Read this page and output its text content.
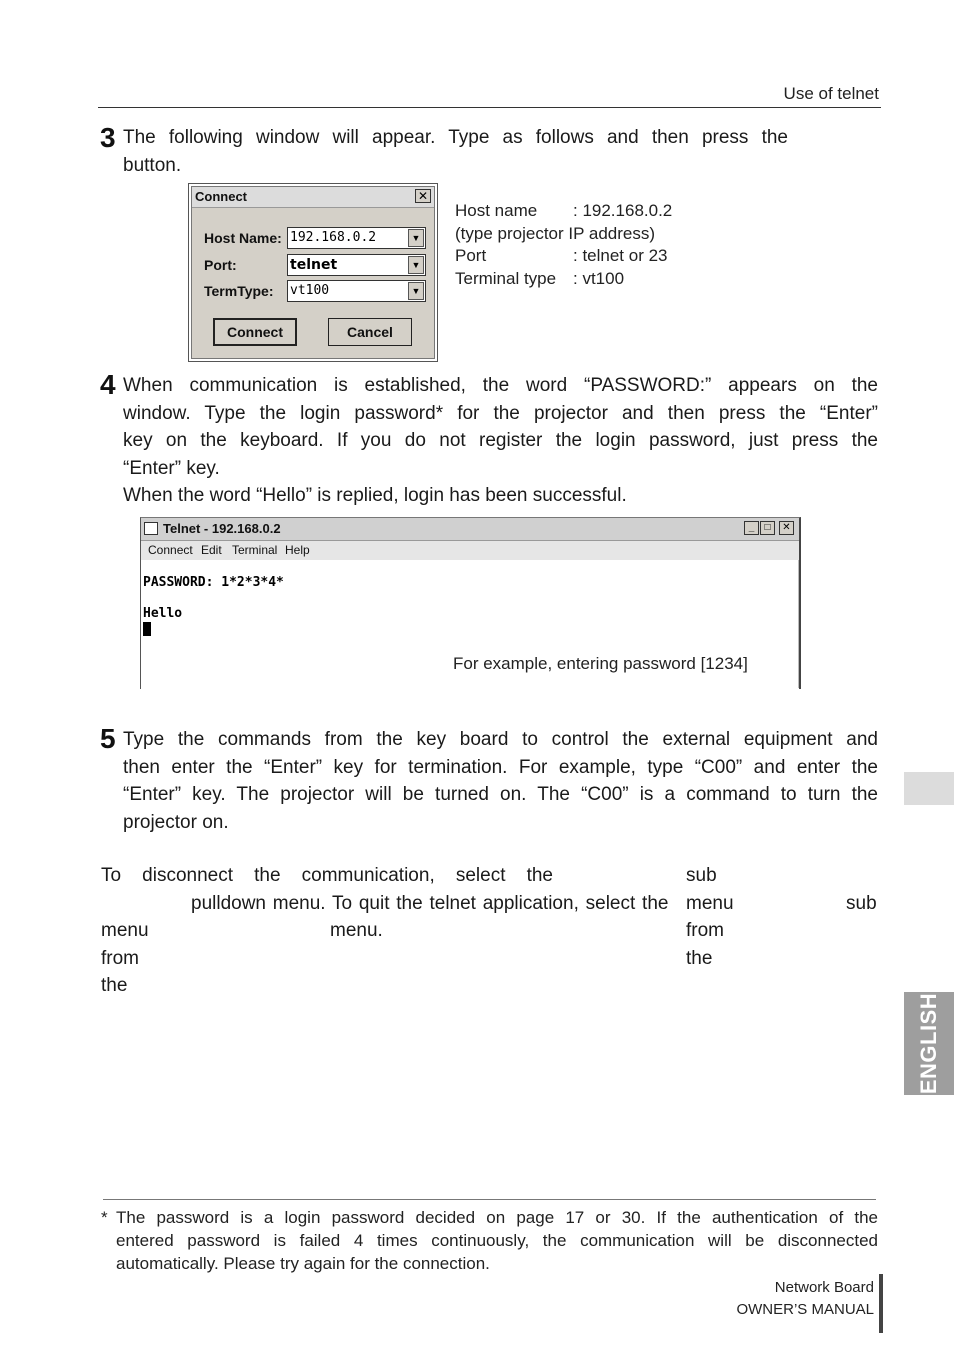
Use of telnet
3 The following window will appear. Type as follows and then press the

button.

Connect	✕
Host Name: 192.168.0.2	▼
Port:	telnet	▼
TermType: vt100	▼
Connect	Cancel
Host name : 192.168.0.2
(type projector IP address)
Port	: telnet or 23
Terminal type : vt100
4 When communication is established, the word “PASSWORD:” appears on the

window. Type the login password* for the projector and then press the “Enter”

key on the keyboard. If you do not register the login password, just press the

“Enter” key.

When the word “Hello” is replied, login has been successful.

Telnet - 192.168.0.2	_	□	✕
Connect Edit Terminal Help
PASSWORD: 1*2*3*4*
Hello
For example, entering password [1234]
5 Type the commands from the key board to control the external equipment and

then enter the “Enter” key for termination. For example, type “C00” and enter the

“Enter” key. The projector will be turned on. The “C00” is a command to turn the

projector on.

To disconnect the communication, select the	sub menu from the
pulldown menu. To quit the telnet application, select the	sub
menu from the
menu.
ENGLISH
* The password is a login password decided on page 17 or 30. If the authentication of the
entered password is failed 4 times continuously, the communication will be disconnected
automatically. Please try again for the connection.
Network Board
OWNER’S MANUAL
